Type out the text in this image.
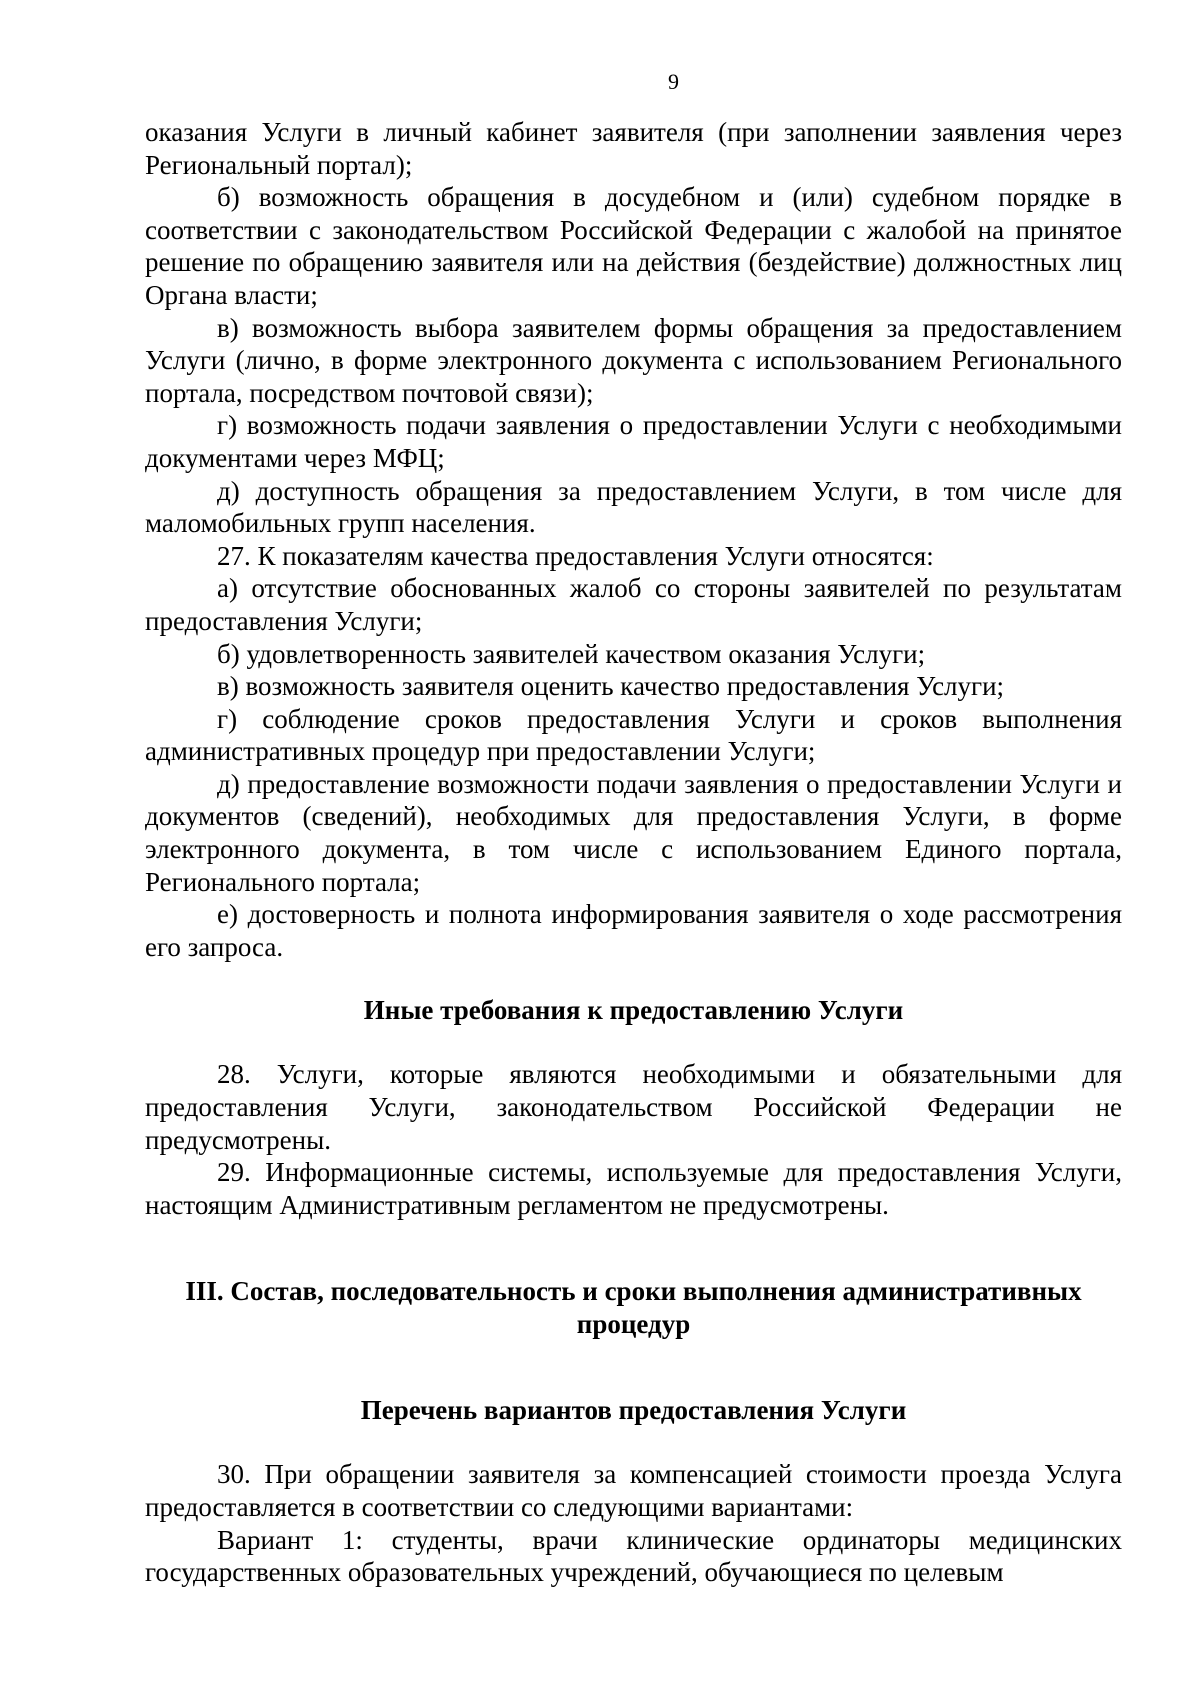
9

оказания Услуги в личный кабинет заявителя (при заполнении заявления через Региональный портал);

б) возможность обращения в досудебном и (или) судебном порядке в соответствии с законодательством Российской Федерации с жалобой на принятое решение по обращению заявителя или на действия (бездействие) должностных лиц Органа власти;

в) возможность выбора заявителем формы обращения за предоставлением Услуги (лично, в форме электронного документа с использованием Регионального портала, посредством почтовой связи);

г) возможность подачи заявления о предоставлении Услуги с необходимыми документами через МФЦ;

д) доступность обращения за предоставлением Услуги, в том числе для маломобильных групп населения.

27. К показателям качества предоставления Услуги относятся:

а) отсутствие обоснованных жалоб со стороны заявителей по результатам предоставления Услуги;

б) удовлетворенность заявителей качеством оказания Услуги;

в) возможность заявителя оценить качество предоставления Услуги;

г) соблюдение сроков предоставления Услуги и сроков выполнения административных процедур при предоставлении Услуги;

д) предоставление возможности подачи заявления о предоставлении Услуги и документов (сведений), необходимых для предоставления Услуги, в форме электронного документа, в том числе с использованием Единого портала, Регионального портала;

е) достоверность и полнота информирования заявителя о ходе рассмотрения его запроса.

Иные требования к предоставлению Услуги

28. Услуги, которые являются необходимыми и обязательными для предоставления Услуги, законодательством Российской Федерации не предусмотрены.

29. Информационные системы, используемые для предоставления Услуги, настоящим Административным регламентом не предусмотрены.

III. Состав, последовательность и сроки выполнения административных процедур
Перечень вариантов предоставления Услуги

30. При обращении заявителя за компенсацией стоимости проезда Услуга предоставляется в соответствии со следующими вариантами:

Вариант 1: студенты, врачи клинические ординаторы медицинских государственных образовательных учреждений, обучающиеся по целевым
